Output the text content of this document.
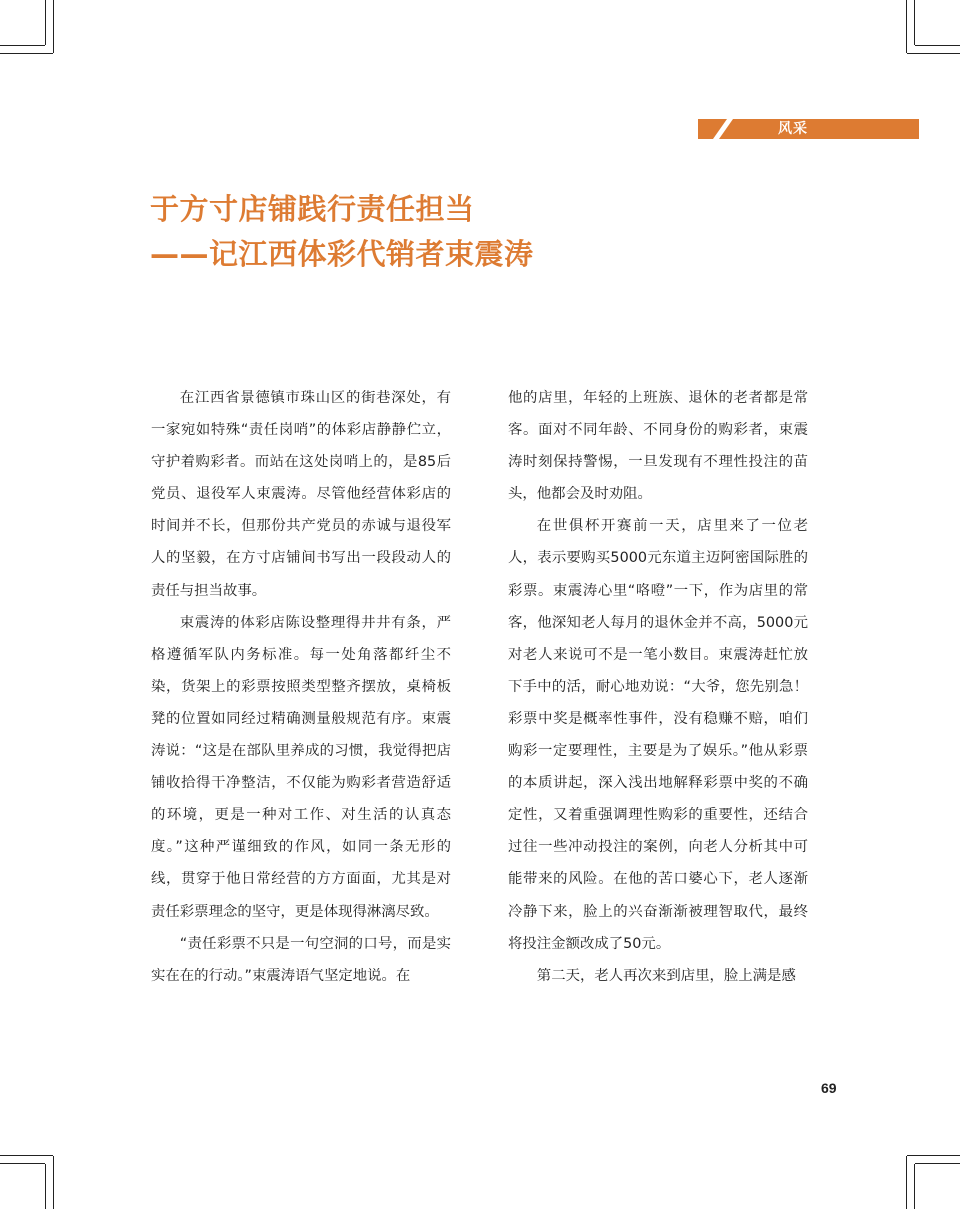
风采
于方寸店铺践行责任担当
——记江西体彩代销者束震涛

在江西省景德镇市珠山区的街巷深处，有一家宛如特殊“责任岗哨”的体彩店静静伫立，守护着购彩者。而站在这处岗哨上的，是85后党员、退役军人束震涛。尽管他经营体彩店的时间并不长，但那份共产党员的赤诚与退役军人的坚毅，在方寸店铺间书写出一段段动人的责任与担当故事。

束震涛的体彩店陈设整理得井井有条，严格遵循军队内务标准。每一处角落都纤尘不染，货架上的彩票按照类型整齐摆放，桌椅板凳的位置如同经过精确测量般规范有序。束震涛说：“这是在部队里养成的习惯，我觉得把店铺收拾得干净整洁，不仅能为购彩者营造舒适的环境，更是一种对工作、对生活的认真态度。”这种严谨细致的作风，如同一条无形的线，贯穿于他日常经营的方方面面，尤其是对责任彩票理念的坚守，更是体现得淋漓尽致。

“责任彩票不只是一句空洞的口号，而是实实在在的行动。”束震涛语气坚定地说。在

他的店里，年轻的上班族、退休的老者都是常客。面对不同年龄、不同身份的购彩者，束震涛时刻保持警惕，一旦发现有不理性投注的苗头，他都会及时劝阻。

在世俱杯开赛前一天，店里来了一位老人，表示要购买5000元东道主迈阿密国际胜的彩票。束震涛心里“咯噔”一下，作为店里的常客，他深知老人每月的退休金并不高，5000元对老人来说可不是一笔小数目。束震涛赶忙放下手中的活，耐心地劝说：“大爷，您先别急！彩票中奖是概率性事件，没有稳赚不赔，咱们购彩一定要理性，主要是为了娱乐。”他从彩票的本质讲起，深入浅出地解释彩票中奖的不确定性，又着重强调理性购彩的重要性，还结合过往一些冲动投注的案例，向老人分析其中可能带来的风险。在他的苦口婆心下，老人逐渐冷静下来，脸上的兴奋渐渐被理智取代，最终将投注金额改成了50元。

第二天，老人再次来到店里，脸上满是感

69
